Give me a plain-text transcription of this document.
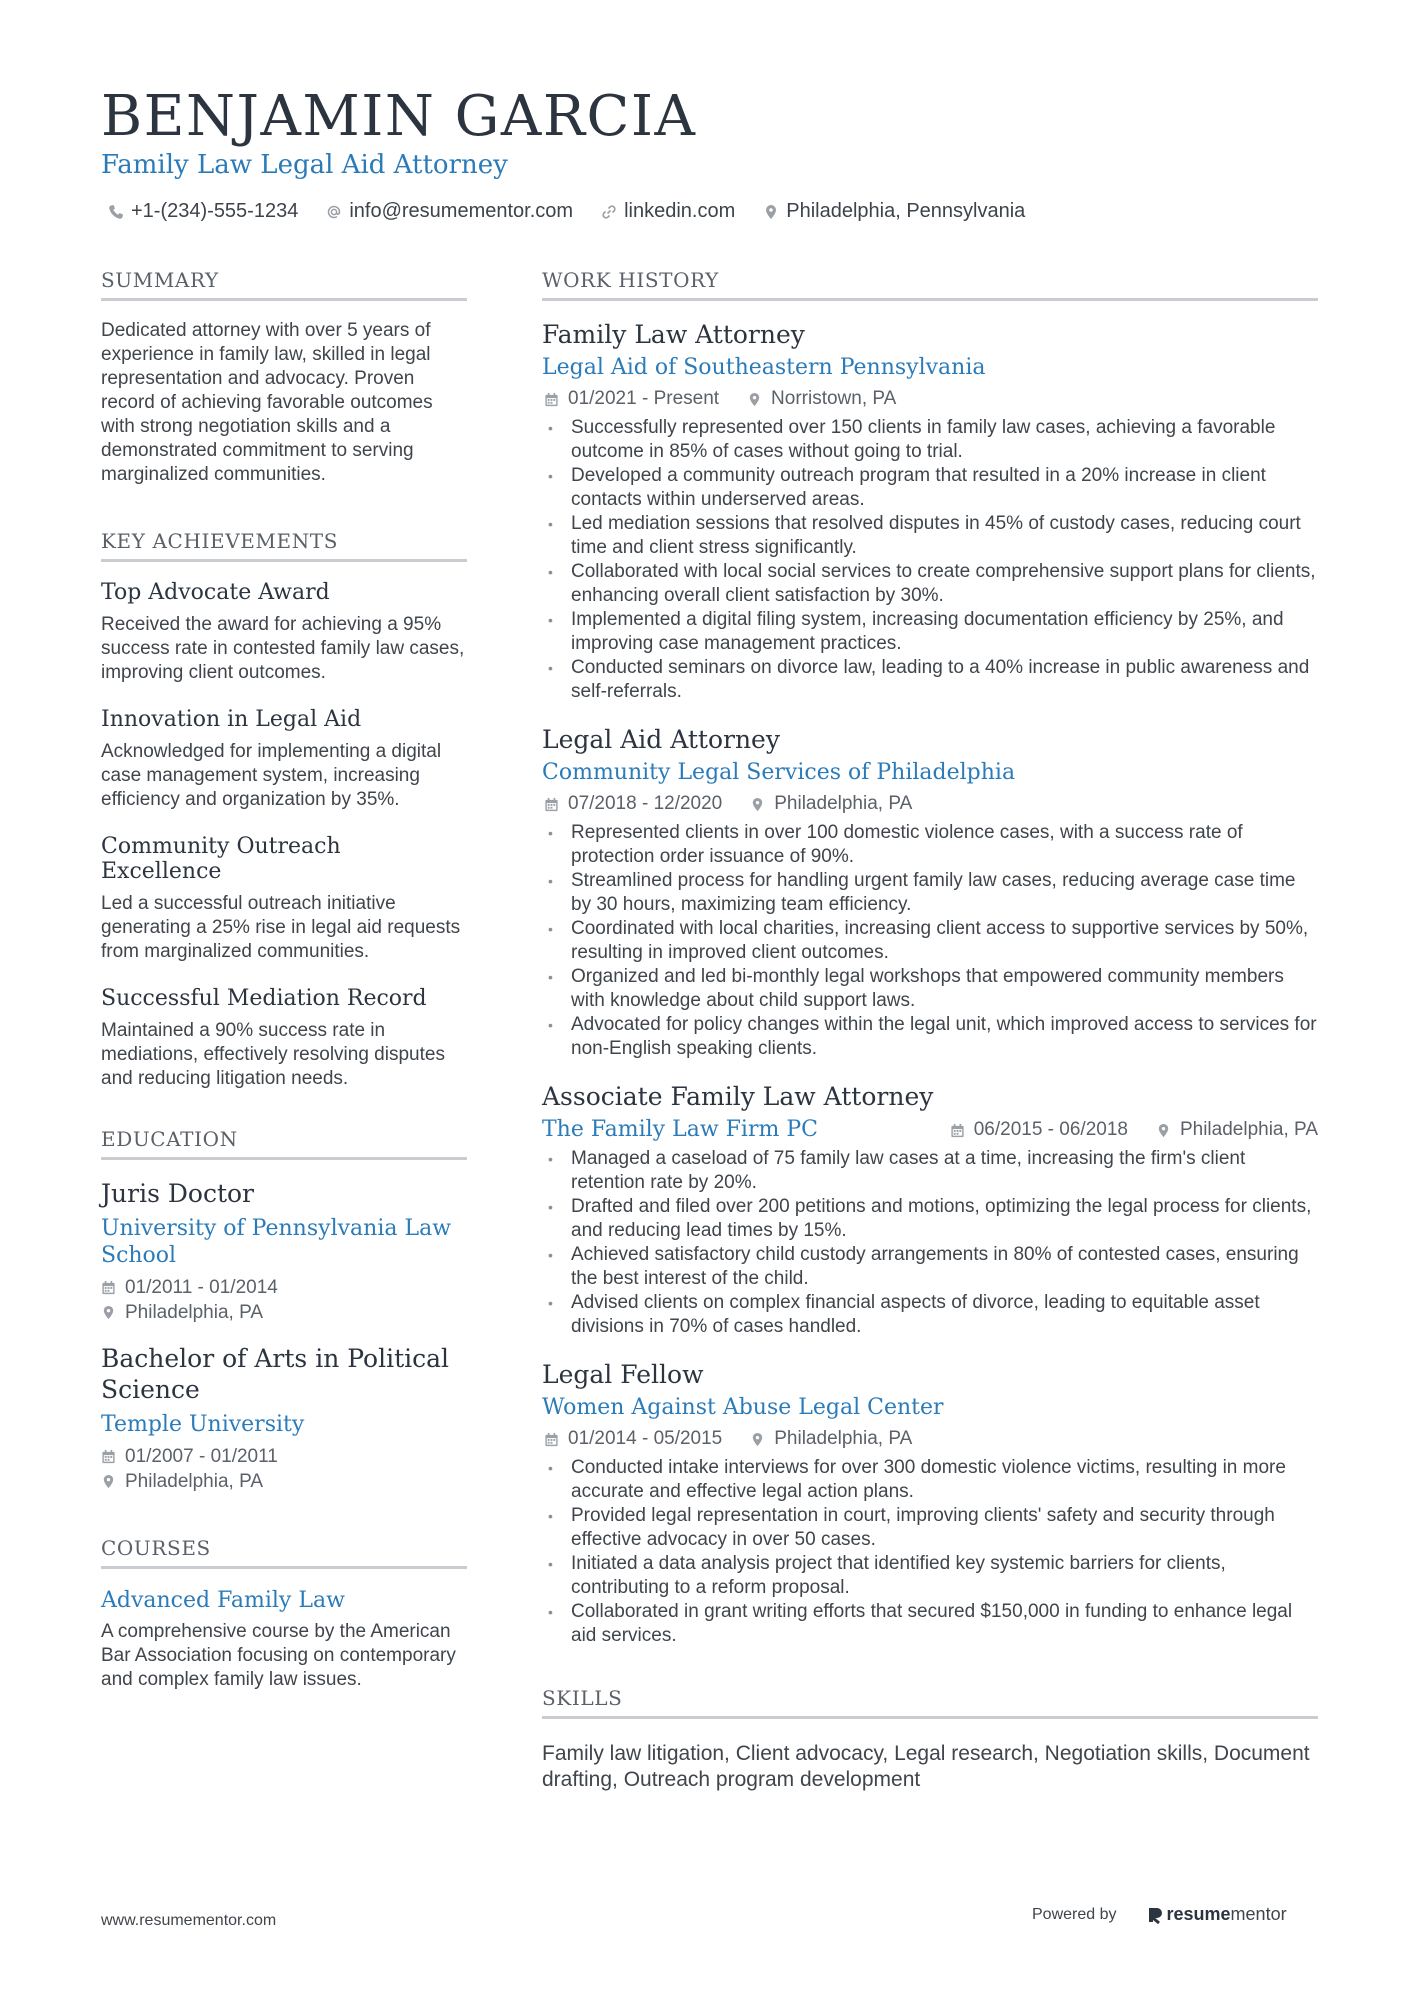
BENJAMIN GARCIA
Family Law Legal Aid Attorney
+1-(234)-555-1234	info@resumementor.com	linkedin.com	Philadelphia, Pennsylvania
SUMMARY

Dedicated attorney with over 5 years of experience in family law, skilled in legal representation and advocacy. Proven record of achieving favorable outcomes with strong negotiation skills and a demonstrated commitment to serving marginalized communities.

KEY ACHIEVEMENTS
Top Advocate Award

Received the award for achieving a 95% success rate in contested family law cases, improving client outcomes.

Innovation in Legal Aid

Acknowledged for implementing a digital case management system, increasing efficiency and organization by 35%.

Community Outreach Excellence

Led a successful outreach initiative generating a 25% rise in legal aid requests from marginalized communities.

Successful Mediation Record

Maintained a 90% success rate in mediations, effectively resolving disputes and reducing litigation needs.

EDUCATION
Juris Doctor
University of Pennsylvania Law School
01/2011 - 01/2014
Philadelphia, PA
Bachelor of Arts in Political Science
Temple University
01/2007 - 01/2011
Philadelphia, PA
COURSES
Advanced Family Law

A comprehensive course by the American Bar Association focusing on contemporary and complex family law issues.

WORK HISTORY
Family Law Attorney
Legal Aid of Southeastern Pennsylvania
01/2021 - Present	Norristown, PA
• Successfully represented over 150 clients in family law cases, achieving a favorable outcome in 85% of cases without going to trial.
• Developed a community outreach program that resulted in a 20% increase in client contacts within underserved areas.
• Led mediation sessions that resolved disputes in 45% of custody cases, reducing court time and client stress significantly.
• Collaborated with local social services to create comprehensive support plans for clients, enhancing overall client satisfaction by 30%.
• Implemented a digital filing system, increasing documentation efficiency by 25%, and improving case management practices.
• Conducted seminars on divorce law, leading to a 40% increase in public awareness and self-referrals.
Legal Aid Attorney
Community Legal Services of Philadelphia
07/2018 - 12/2020	Philadelphia, PA
• Represented clients in over 100 domestic violence cases, with a success rate of protection order issuance of 90%.
• Streamlined process for handling urgent family law cases, reducing average case time by 30 hours, maximizing team efficiency.
• Coordinated with local charities, increasing client access to supportive services by 50%, resulting in improved client outcomes.
• Organized and led bi-monthly legal workshops that empowered community members with knowledge about child support laws.
• Advocated for policy changes within the legal unit, which improved access to services for non-English speaking clients.
Associate Family Law Attorney
The Family Law Firm PC	06/2015 - 06/2018	Philadelphia, PA
• Managed a caseload of 75 family law cases at a time, increasing the firm's client retention rate by 20%.
• Drafted and filed over 200 petitions and motions, optimizing the legal process for clients, and reducing lead times by 15%.
• Achieved satisfactory child custody arrangements in 80% of contested cases, ensuring the best interest of the child.
• Advised clients on complex financial aspects of divorce, leading to equitable asset divisions in 70% of cases handled.
Legal Fellow
Women Against Abuse Legal Center
01/2014 - 05/2015	Philadelphia, PA
• Conducted intake interviews for over 300 domestic violence victims, resulting in more accurate and effective legal action plans.
• Provided legal representation in court, improving clients' safety and security through effective advocacy in over 50 cases.
• Initiated a data analysis project that identified key systemic barriers for clients, contributing to a reform proposal.
• Collaborated in grant writing efforts that secured $150,000 in funding to enhance legal aid services.
SKILLS

Family law litigation, Client advocacy, Legal research, Negotiation skills, Document drafting, Outreach program development

www.resumementor.com	Powered by	resume mentor
